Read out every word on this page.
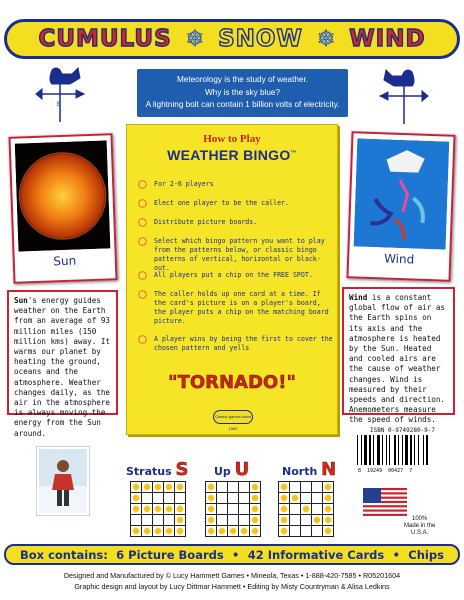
CUMULUS ❄ SNOW ❄ WIND
E
Meteorology is the study of weather.
Why is the sky blue?
A lightning bolt can contain 1 billion volts of electricity.
Sun	Wind
Sun's energy guides weather on the Earth from an average of 93 million miles (150 million kms) away. It warms our planet by heating the ground, oceans and the atmosphere. Weather changes daily, as the air in the atmosphere is always moving the energy from the Sun around.
Wind is a constant global flow of air as the Earth spins on its axis and the atmosphere is heated by the Sun. Heated and cooled airs are the cause of weather changes. Wind is measured by their speeds and direction. Anemometers measure the speed of winds.
How to Play
WEATHER BINGO™
For 2-6 players
Elect one player to be the caller.
Distribute picture boards.
Select which bingo pattern you want to play from the patterns below, or classic bingo patterns of vertical, horizontal or black-out.
All players put a chip on the FREE SPOT.
The caller holds up one card at a time. If the card's picture is on a player's board, the player puts a chip on the matching board picture.
A player wins by being the first to cover the chosen pattern and yells
"TORNADO!"
Classic games since 1962
Stratus S Up U	North N
ISBN 0-9749280-9-7
8  19249  00427  7
100%
Made in the
U.S.A.
Box contains: 6 Picture Boards • 42 Informative Cards • Chips
Designed and Manufactured by © Lucy Hammett Games • Mineola, Texas • 1-888-420-7585 • R05201604
Graphic design and layout by Lucy Dittmar Hammett • Editing by Misty Countryman & Alisa Ledkins
